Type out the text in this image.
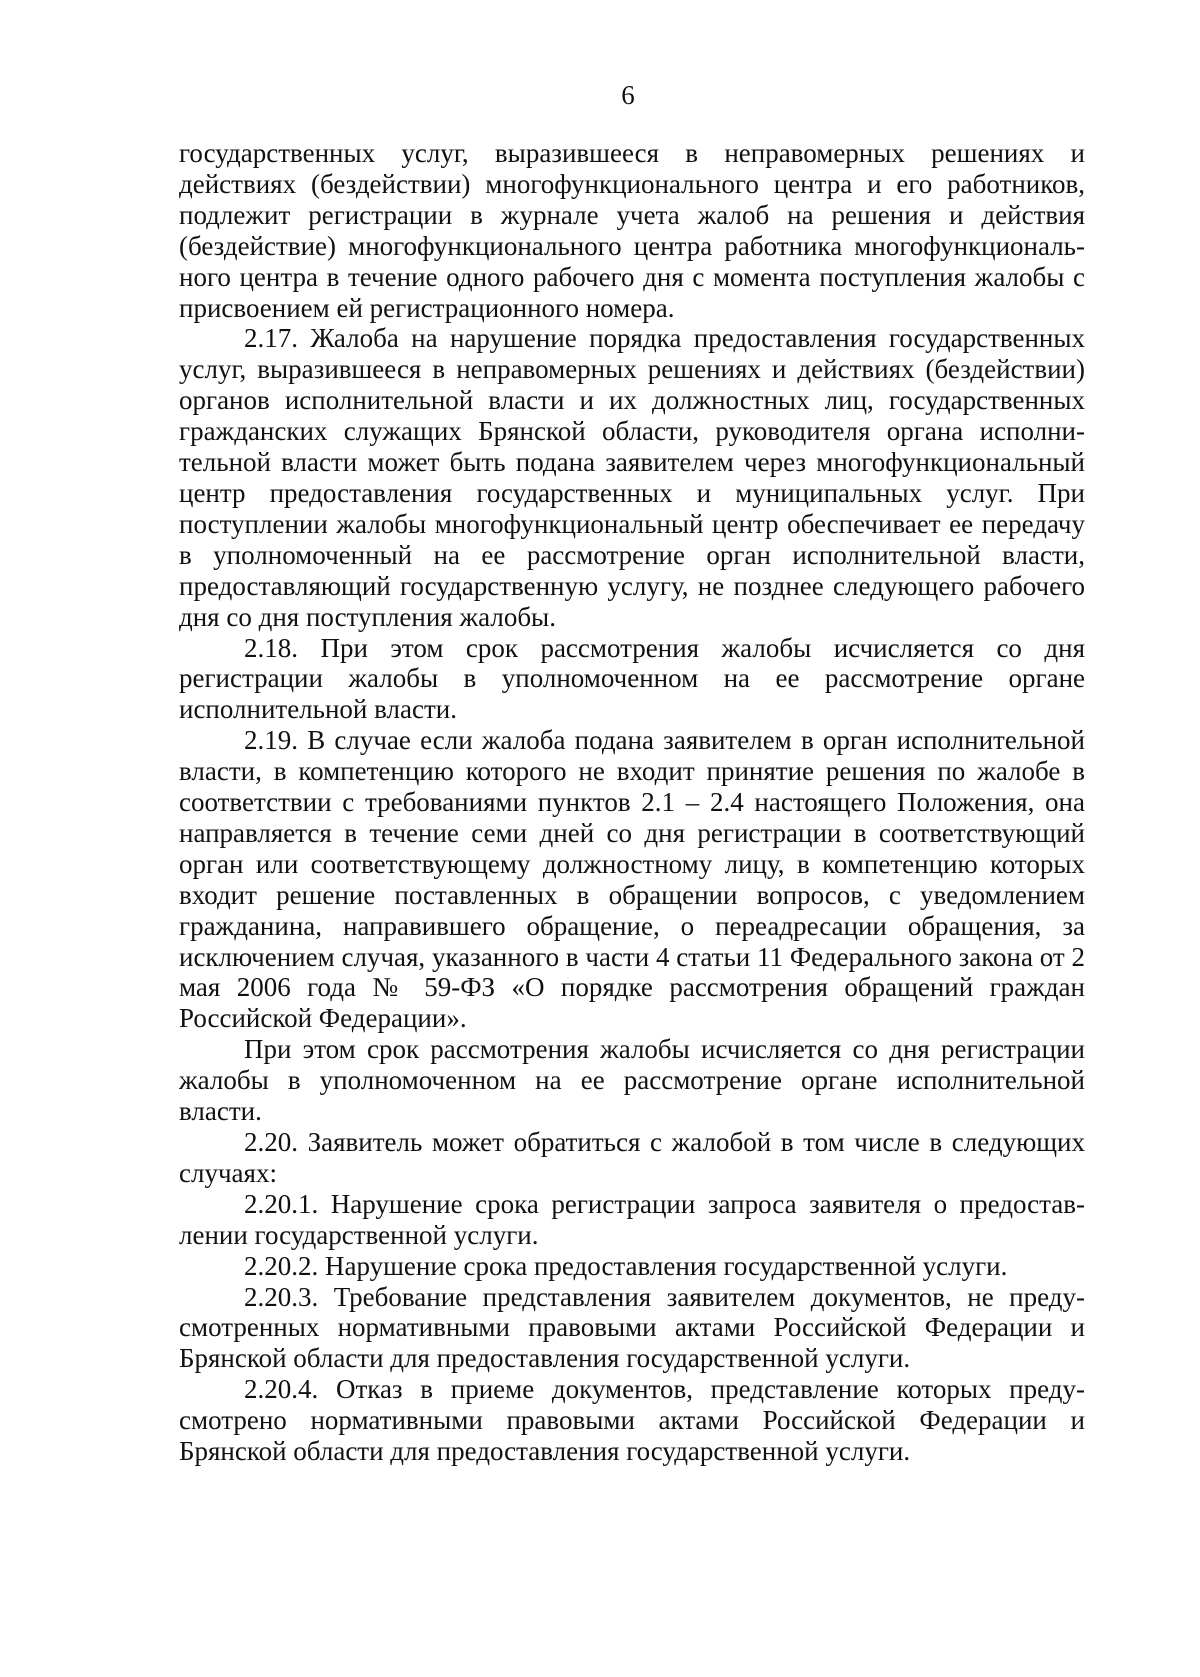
6

государственных услуг, выразившееся в неправомерных решениях и действиях (бездействии) многофункционального центра и его работников, подлежит регистрации в журнале учета жалоб на решения и действия (бездействие) многофункционального центра работника многофункционального центра в течение одного рабочего дня с момента поступления жалобы с присвоением ей регистрационного номера.

2.17. Жалоба на нарушение порядка предоставления государственных услуг, выразившееся в неправомерных решениях и действиях (бездействии) органов исполнительной власти и их должностных лиц, государственных гражданских служащих Брянской области, руководителя органа исполнительной власти может быть подана заявителем через многофункциональный центр предоставления государственных и муниципальных услуг. При поступлении жалобы многофункциональный центр обеспечивает ее передачу в уполномоченный на ее рассмотрение орган исполнительной власти, предоставляющий государственную услугу, не позднее следующего рабочего дня со дня поступления жалобы.

2.18. При этом срок рассмотрения жалобы исчисляется со дня регистрации жалобы в уполномоченном на ее рассмотрение органе исполнительной власти.

2.19. В случае если жалоба подана заявителем в орган исполнительной власти, в компетенцию которого не входит принятие решения по жалобе в соответствии с требованиями пунктов 2.1 – 2.4 настоящего Положения, она направляется в течение семи дней со дня регистрации в соответствующий орган или соответствующему должностному лицу, в компетенцию которых входит решение поставленных в обращении вопросов, с уведомлением гражданина, направившего обращение, о переадресации обращения, за исключением случая, указанного в части 4 статьи 11 Федерального закона от 2 мая 2006 года № 59-ФЗ «О порядке рассмотрения обращений граждан Российской Федерации».

При этом срок рассмотрения жалобы исчисляется со дня регистрации жалобы в уполномоченном на ее рассмотрение органе исполнительной власти.

2.20. Заявитель может обратиться с жалобой в том числе в следующих случаях:

2.20.1. Нарушение срока регистрации запроса заявителя о предоставлении государственной услуги.

2.20.2. Нарушение срока предоставления государственной услуги.

2.20.3. Требование представления заявителем документов, не предусмотренных нормативными правовыми актами Российской Федерации и Брянской области для предоставления государственной услуги.

2.20.4. Отказ в приеме документов, представление которых предусмотрено нормативными правовыми актами Российской Федерации и Брянской области для предоставления государственной услуги.
